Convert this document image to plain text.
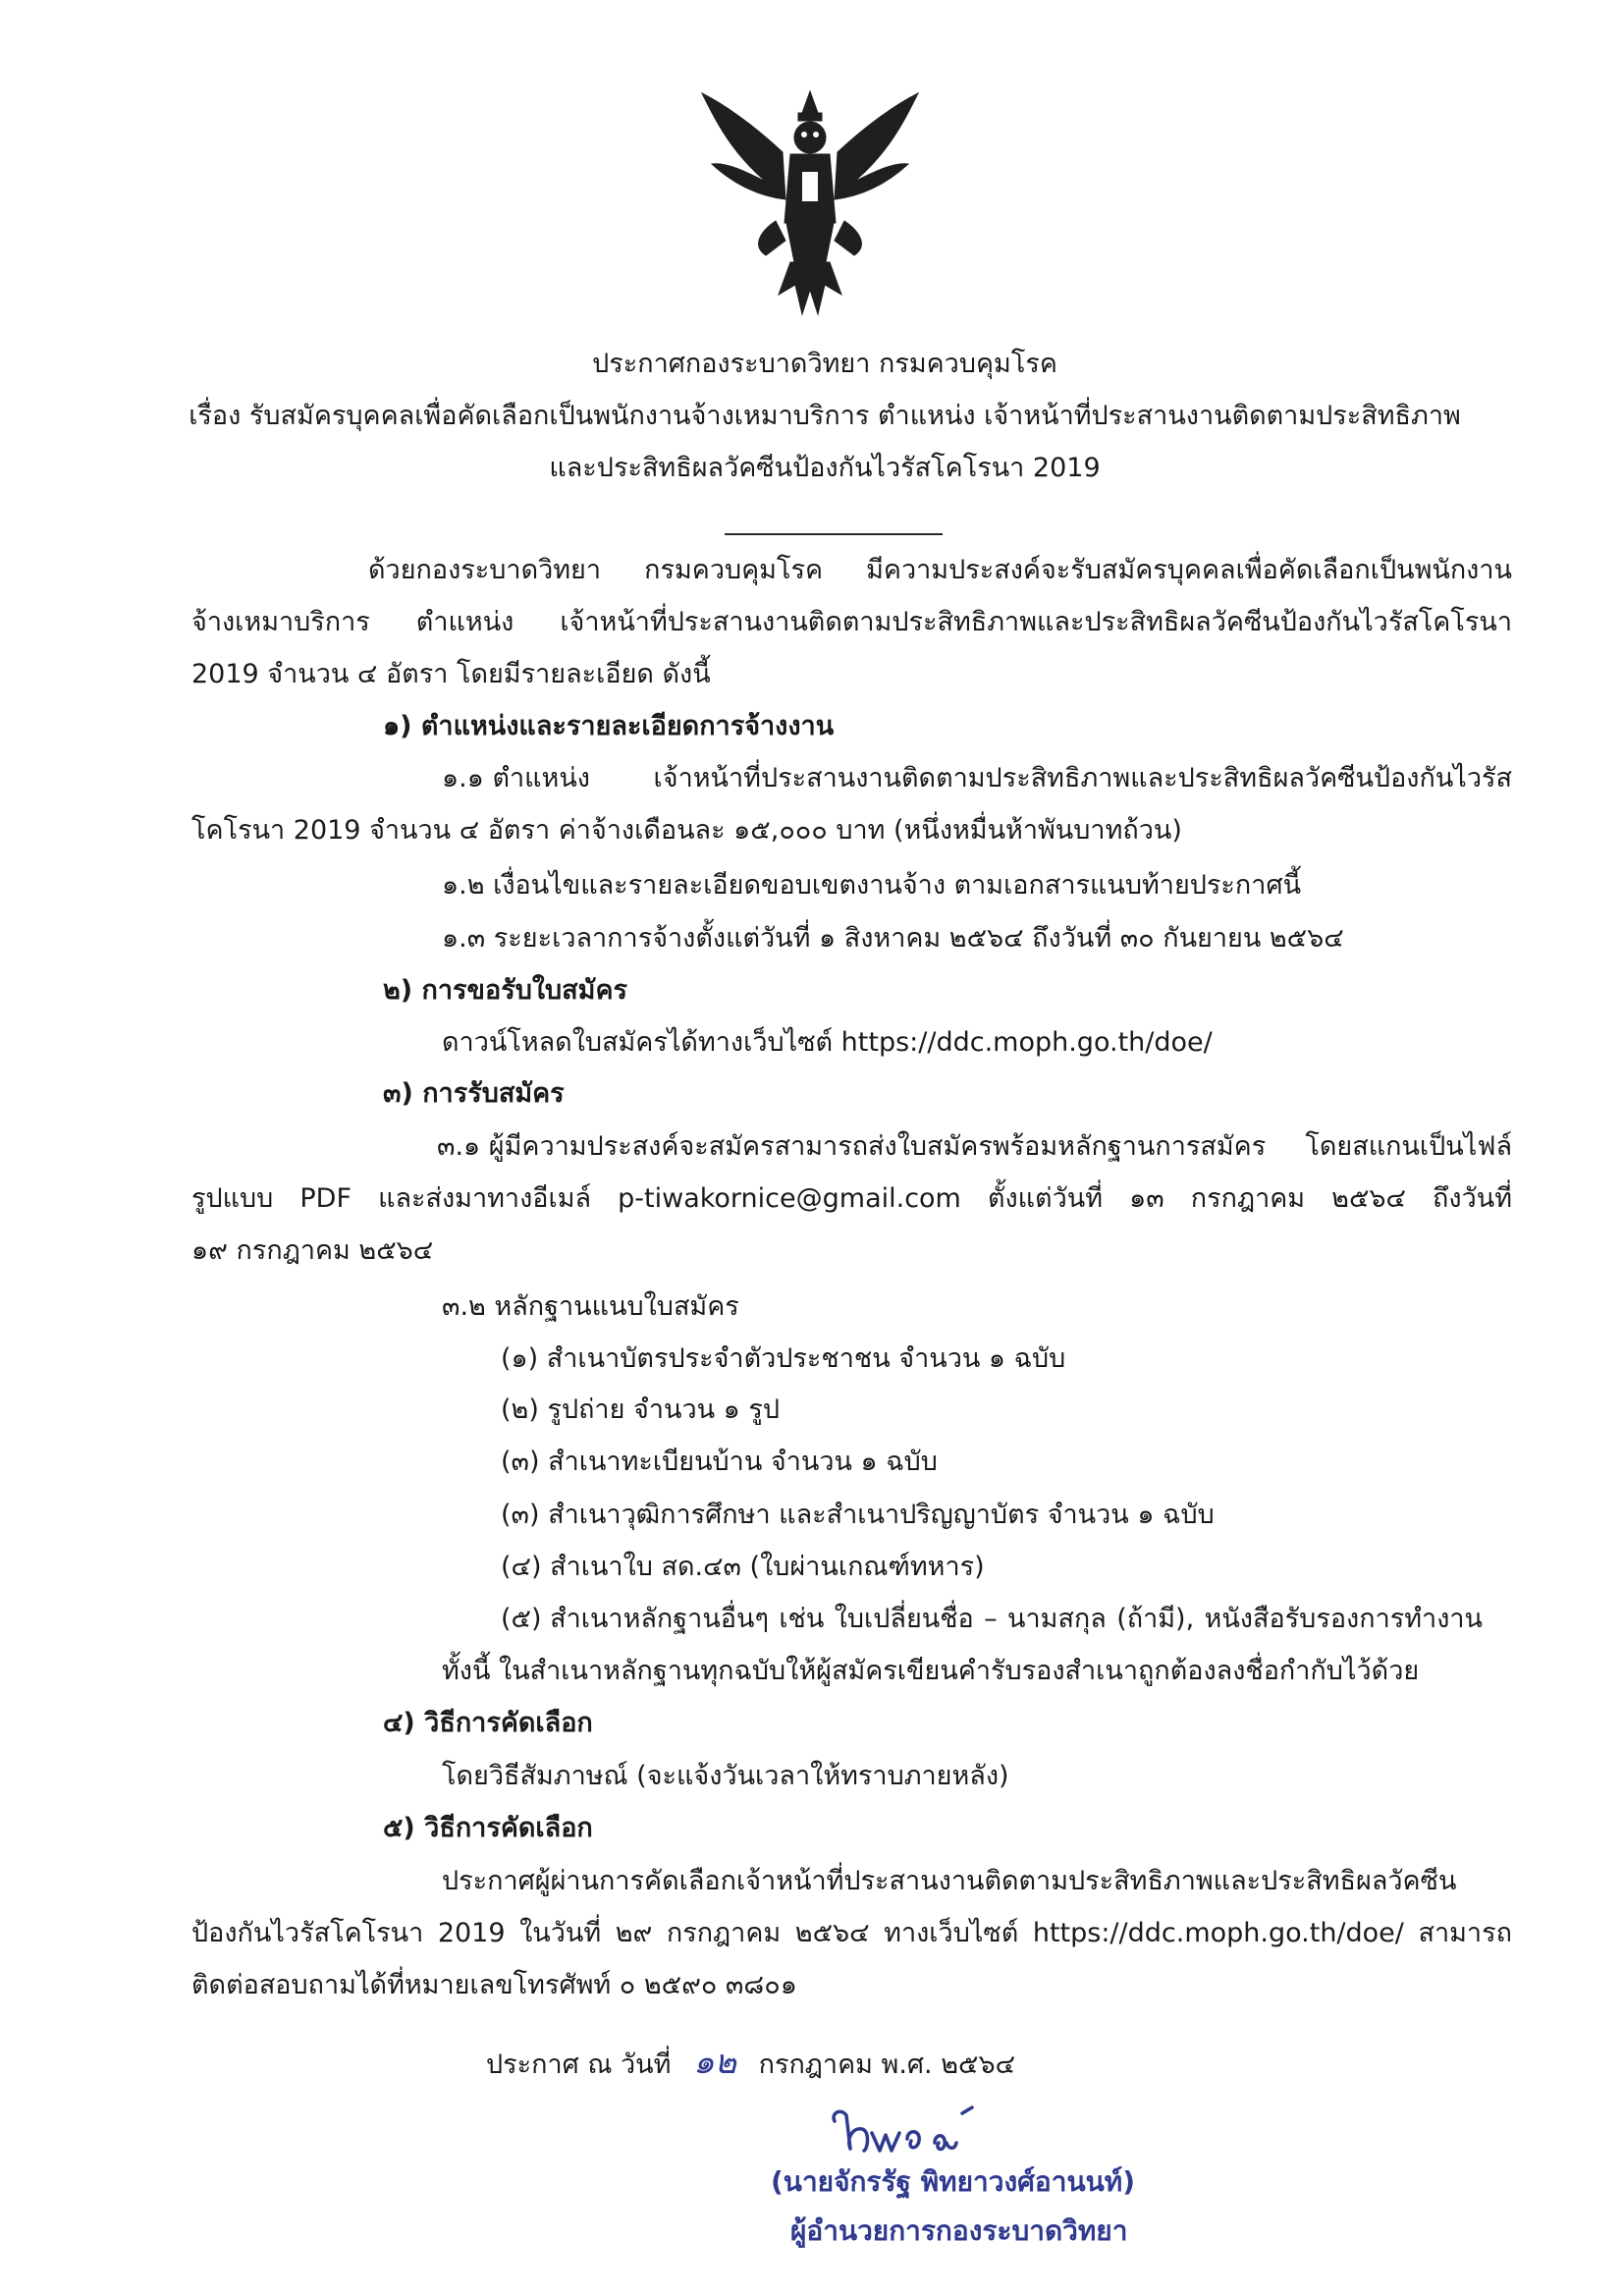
ประกาศกองระบาดวิทยา กรมควบคุมโรค
เรื่อง รับสมัครบุคคลเพื่อคัดเลือกเป็นพนักงานจ้างเหมาบริการ ตำแหน่ง เจ้าหน้าที่ประสานงานติดตามประสิทธิภาพ
และประสิทธิผลวัคซีนป้องกันไวรัสโคโรนา 2019
ด้วยกองระบาดวิทยา กรมควบคุมโรค มีความประสงค์จะรับสมัครบุคคลเพื่อคัดเลือกเป็นพนักงาน
จ้างเหมาบริการ ตำแหน่ง เจ้าหน้าที่ประสานงานติดตามประสิทธิภาพและประสิทธิผลวัคซีนป้องกันไวรัสโคโรนา
2019 จำนวน ๔ อัตรา โดยมีรายละเอียด ดังนี้
๑) ตำแหน่งและรายละเอียดการจ้างงาน
๑.๑ ตำแหน่ง เจ้าหน้าที่ประสานงานติดตามประสิทธิภาพและประสิทธิผลวัคซีนป้องกันไวรัส
โคโรนา 2019 จำนวน ๔ อัตรา ค่าจ้างเดือนละ ๑๕,๐๐๐ บาท (หนึ่งหมื่นห้าพันบาทถ้วน)
๑.๒ เงื่อนไขและรายละเอียดขอบเขตงานจ้าง ตามเอกสารแนบท้ายประกาศนี้
๑.๓ ระยะเวลาการจ้างตั้งแต่วันที่ ๑ สิงหาคม ๒๕๖๔ ถึงวันที่ ๓๐ กันยายน ๒๕๖๔
๒) การขอรับใบสมัคร
ดาวน์โหลดใบสมัครได้ทางเว็บไซต์ https://ddc.moph.go.th/doe/
๓) การรับสมัคร
๓.๑ ผู้มีความประสงค์จะสมัครสามารถส่งใบสมัครพร้อมหลักฐานการสมัคร โดยสแกนเป็นไฟล์
รูปแบบ PDF และส่งมาทางอีเมล์ p-tiwakornice@gmail.com ตั้งแต่วันที่ ๑๓ กรกฎาคม ๒๕๖๔ ถึงวันที่
๑๙ กรกฎาคม ๒๕๖๔
๓.๒ หลักฐานแนบใบสมัคร
(๑) สำเนาบัตรประจำตัวประชาชน จำนวน ๑ ฉบับ
(๒) รูปถ่าย จำนวน ๑ รูป
(๓) สำเนาทะเบียนบ้าน จำนวน ๑ ฉบับ
(๓) สำเนาวุฒิการศึกษา และสำเนาปริญญาบัตร จำนวน ๑ ฉบับ
(๔) สำเนาใบ สด.๔๓ (ใบผ่านเกณฑ์ทหาร)
(๕) สำเนาหลักฐานอื่นๆ เช่น ใบเปลี่ยนชื่อ – นามสกุล (ถ้ามี), หนังสือรับรองการทำงาน
ทั้งนี้ ในสำเนาหลักฐานทุกฉบับให้ผู้สมัครเขียนคำรับรองสำเนาถูกต้องลงชื่อกำกับไว้ด้วย
๔) วิธีการคัดเลือก
โดยวิธีสัมภาษณ์ (จะแจ้งวันเวลาให้ทราบภายหลัง)
๕) วิธีการคัดเลือก
ประกาศผู้ผ่านการคัดเลือกเจ้าหน้าที่ประสานงานติดตามประสิทธิภาพและประสิทธิผลวัคซีน
ป้องกันไวรัสโคโรนา 2019 ในวันที่ ๒๙ กรกฎาคม ๒๕๖๔ ทางเว็บไซต์ https://ddc.moph.go.th/doe/ สามารถ
ติดต่อสอบถามได้ที่หมายเลขโทรศัพท์ ๐ ๒๕๙๐ ๓๘๐๑
ประกาศ ณ วันที่ ๑๒ กรกฎาคม พ.ศ. ๒๕๖๔
(นายจักรรัฐ พิทยาวงศ์อานนท์)
ผู้อำนวยการกองระบาดวิทยา
